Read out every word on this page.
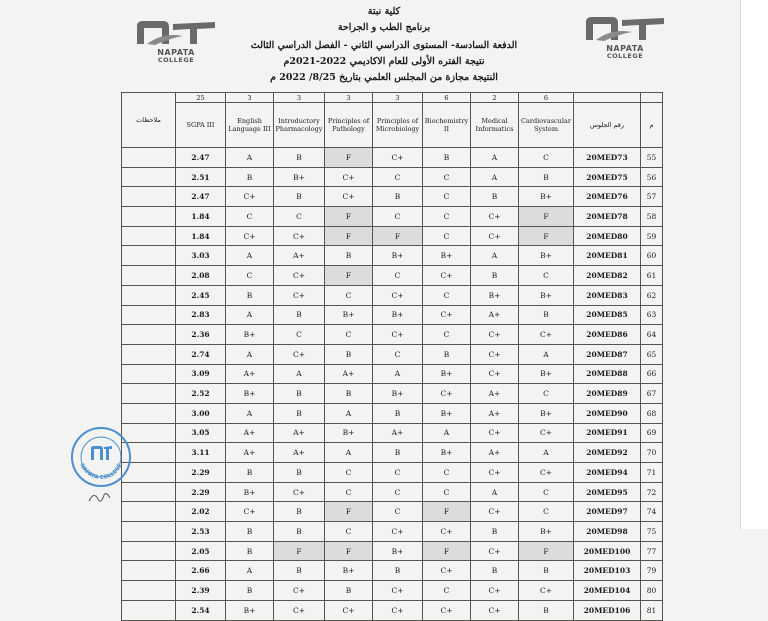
كلية نبتة
برنامج الطب و الجراحة
الدفعة السادسة- المستوى الدراسي الثاني - الفصل الدراسي الثالث
نتيجة الفتره الأولى للعام الاكاديمي 2022-2021م
النتيجة مجازة من المجلس العلمي بتاريخ 8/25/ 2022 م
NAPATA
COLLEGE
NAPATA
COLLEGE
ملاحظات	25	3	3	3	3	6	2	6		
	SGPA III	English Language III	Introductory Pharmacology	Principles of Pathology	Principles of Microbiology	Biochemistry II	Medical Informatics	Cardiovascular System	رقم الجلوس	م
	2.47	A	B	F	C+	B	A	C	20MED73	55
	2.51	B	B+	C+	C	C	A	B	20MED75	56
	2.47	C+	B	C+	B	C	B	B+	20MED76	57
	1.84	C	C	F	C	C	C+	F	20MED78	58
	1.84	C+	C+	F	F	C	C+	F	20MED80	59
	3.03	A	A+	B	B+	B+	A	B+	20MED81	60
	2.08	C	C+	F	C	C+	B	C	20MED82	61
	2.45	B	C+	C	C+	C	B+	B+	20MED83	62
	2.83	A	B	B+	B+	C+	A+	B	20MED85	63
	2.36	B+	C	C	C+	C	C+	C+	20MED86	64
	2.74	A	C+	B	C	B	C+	A	20MED87	65
	3.09	A+	A	A+	A	B+	C+	B+	20MED88	66
	2.52	B+	B	B	B+	C+	A+	C	20MED89	67
	3.00	A	B	A	B	B+	A+	B+	20MED90	68
	3.05	A+	A+	B+	A+	A	C+	C+	20MED91	69
	3.11	A+	A+	A	B	B+	A+	A	20MED92	70
	2.29	B	B	C	C	C	C+	C+	20MED94	71
	2.29	B+	C+	C	C	C	A	C	20MED95	72
	2.02	C+	B	F	C	F	C+	C	20MED97	74
	2.53	B	B	C	C+	C+	B	B+	20MED98	75
	2.05	B	F	F	B+	F	C+	F	20MED100	77
	2.66	A	B	B+	B	C+	B	B	20MED103	79
	2.39	B	C+	B	C+	C	C+	C+	20MED104	80
	2.54	B+	C+	C+	C+	C+	C+	B	20MED106	81
NAPATA COLLEGE
